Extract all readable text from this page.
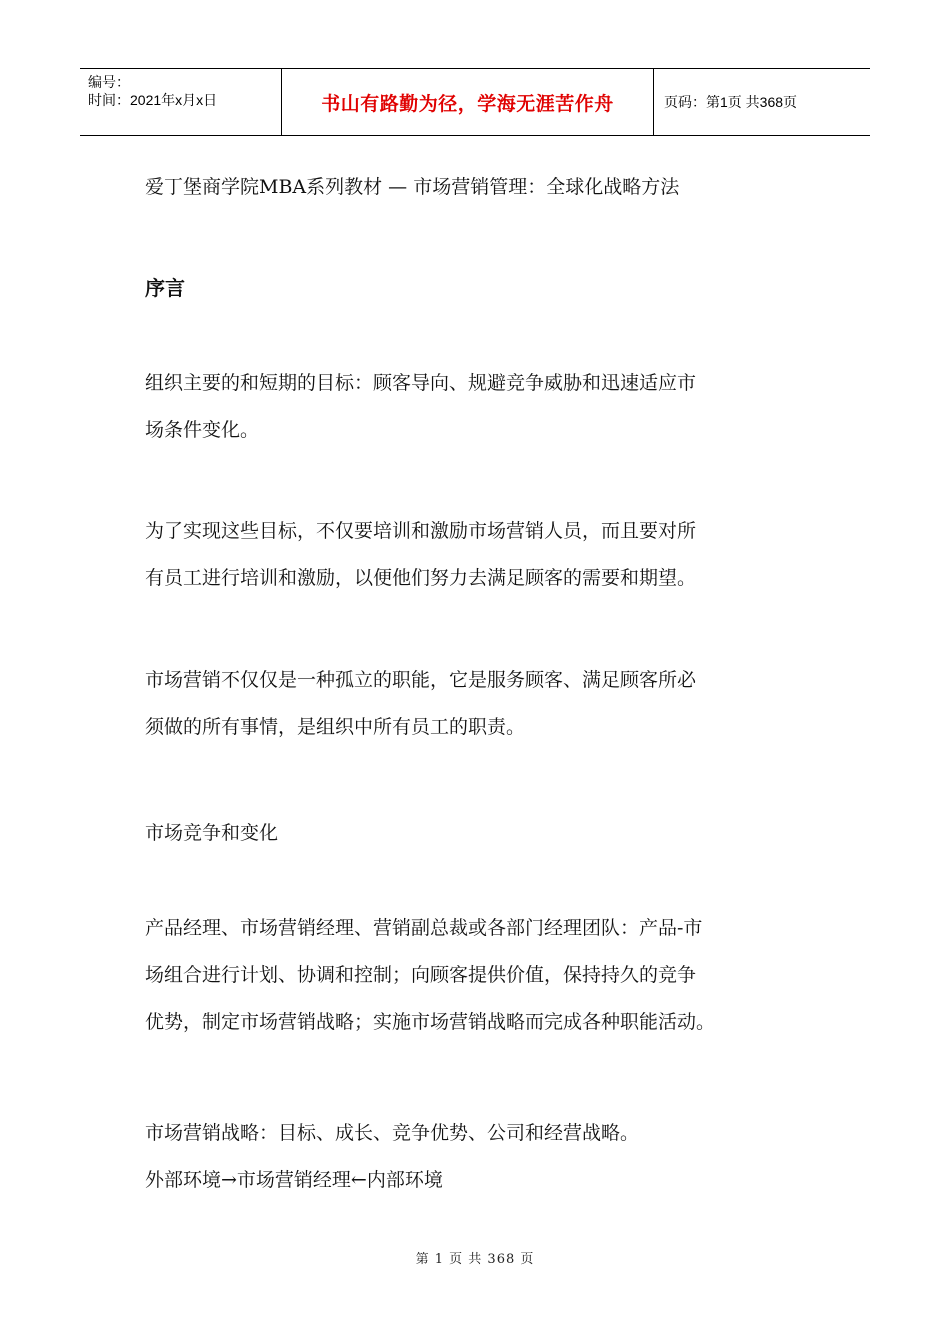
编号：
时间：2021年x月x日	书山有路勤为径，学海无涯苦作舟	页码：第1页 共368页
爱丁堡商学院MBA系列教材 — 市场营销管理：全球化战略方法
序言
组织主要的和短期的目标：顾客导向、规避竞争威胁和迅速适应市
场条件变化。
为了实现这些目标，不仅要培训和激励市场营销人员，而且要对所
有员工进行培训和激励，以便他们努力去满足顾客的需要和期望。
市场营销不仅仅是一种孤立的职能，它是服务顾客、满足顾客所必
须做的所有事情，是组织中所有员工的职责。
市场竞争和变化
产品经理、市场营销经理、营销副总裁或各部门经理团队：产品-市
场组合进行计划、协调和控制；向顾客提供价值，保持持久的竞争
优势，制定市场营销战略；实施市场营销战略而完成各种职能活动。
市场营销战略：目标、成长、竞争优势、公司和经营战略。
外部环境→市场营销经理←内部环境
第 1 页 共 368 页
